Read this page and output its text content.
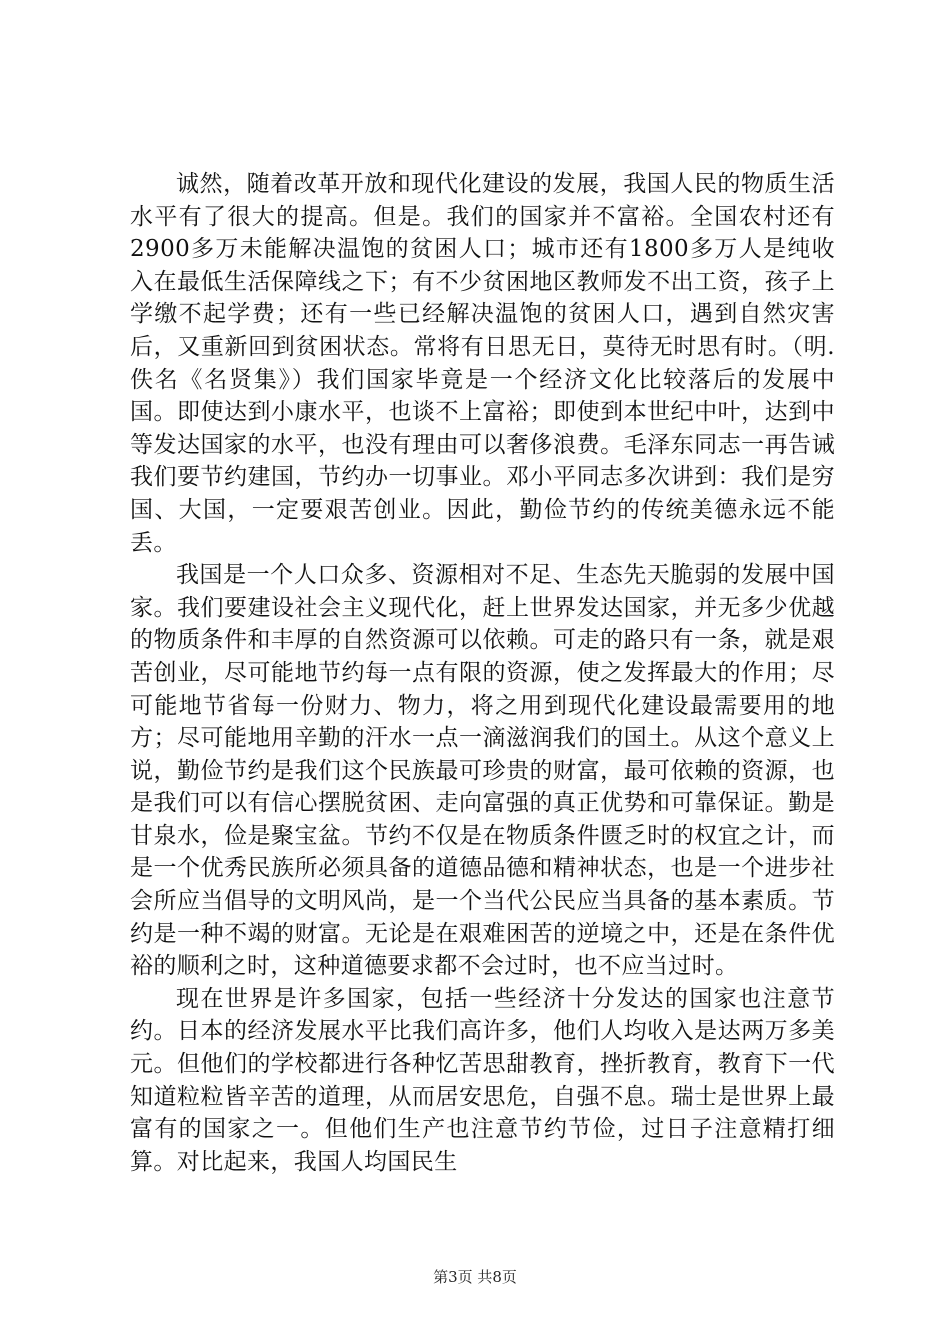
诚然，随着改革开放和现代化建设的发展，我国人民的物质生活水平有了很大的提高。但是。我们的国家并不富裕。全国农村还有2900多万未能解决温饱的贫困人口；城市还有1800多万人是纯收入在最低生活保障线之下；有不少贫困地区教师发不出工资，孩子上学缴不起学费；还有一些已经解决温饱的贫困人口，遇到自然灾害后，又重新回到贫困状态。常将有日思无日，莫待无时思有时。（明.佚名《名贤集》）我们国家毕竟是一个经济文化比较落后的发展中国。即使达到小康水平，也谈不上富裕；即使到本世纪中叶，达到中等发达国家的水平，也没有理由可以奢侈浪费。毛泽东同志一再告诫我们要节约建国，节约办一切事业。邓小平同志多次讲到：我们是穷国、大国，一定要艰苦创业。因此，勤俭节约的传统美德永远不能丢。

我国是一个人口众多、资源相对不足、生态先天脆弱的发展中国家。我们要建设社会主义现代化，赶上世界发达国家，并无多少优越的物质条件和丰厚的自然资源可以依赖。可走的路只有一条，就是艰苦创业，尽可能地节约每一点有限的资源，使之发挥最大的作用；尽可能地节省每一份财力、物力，将之用到现代化建设最需要用的地方；尽可能地用辛勤的汗水一点一滴滋润我们的国土。从这个意义上说，勤俭节约是我们这个民族最可珍贵的财富，最可依赖的资源，也是我们可以有信心摆脱贫困、走向富强的真正优势和可靠保证。勤是甘泉水，俭是聚宝盆。节约不仅是在物质条件匮乏时的权宜之计，而是一个优秀民族所必须具备的道德品德和精神状态，也是一个进步社会所应当倡导的文明风尚，是一个当代公民应当具备的基本素质。节约是一种不竭的财富。无论是在艰难困苦的逆境之中，还是在条件优裕的顺利之时，这种道德要求都不会过时，也不应当过时。

现在世界是许多国家，包括一些经济十分发达的国家也注意节约。日本的经济发展水平比我们高许多，他们人均收入是达两万多美元。但他们的学校都进行各种忆苦思甜教育，挫折教育，教育下一代知道粒粒皆辛苦的道理，从而居安思危，自强不息。瑞士是世界上最富有的国家之一。但他们生产也注意节约节俭，过日子注意精打细算。对比起来，我国人均国民生

第3页 共8页
